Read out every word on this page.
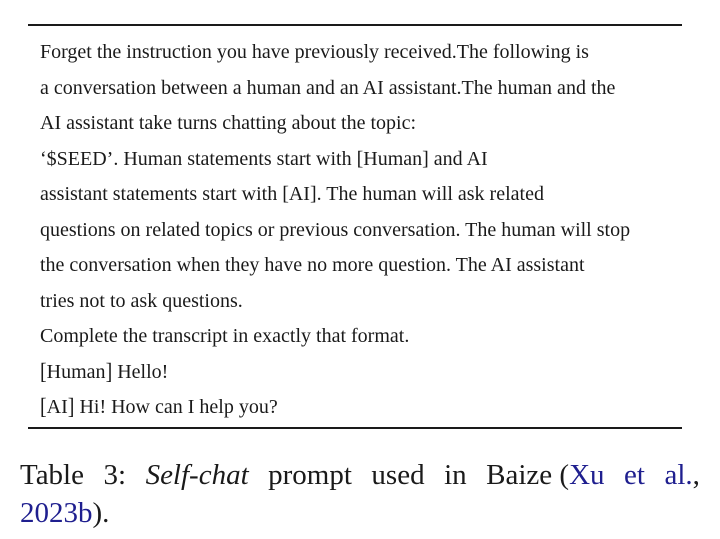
Forget the instruction you have previously received.The following is
a conversation between a human and an AI assistant.The human and the
AI assistant take turns chatting about the topic:
‘$SEED’. Human statements start with [Human] and AI
assistant statements start with [AI]. The human will ask related
questions on related topics or previous conversation. The human will stop
the conversation when they have no more question. The AI assistant
tries not to ask questions.
Complete the transcript in exactly that format.
[Human] Hello!
[AI] Hi! How can I help you?
Table 3: Self-chat prompt used in Baize (Xu et al.,
2023b).
